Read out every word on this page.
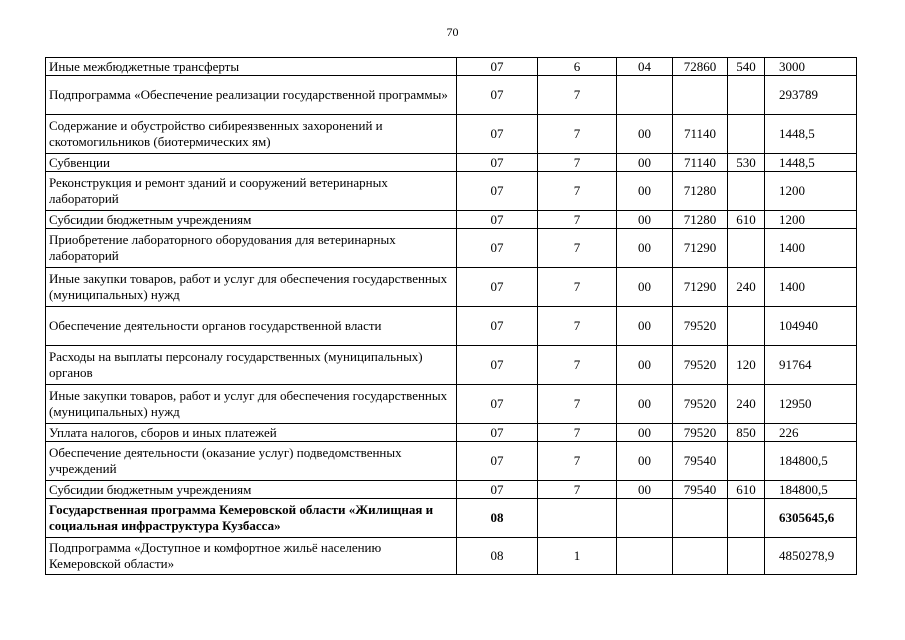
70
Иные межбюджетные трансферты	07	6	04	72860	540	3000
Подпрограмма «Обеспечение реализации государственной программы»	07	7				293789
Содержание и обустройство сибиреязвенных захоронений и скотомогильников (биотермических ям)	07	7	00	71140		1448,5
Субвенции	07	7	00	71140	530	1448,5
Реконструкция и ремонт зданий и сооружений ветеринарных лабораторий	07	7	00	71280		1200
Субсидии бюджетным учреждениям	07	7	00	71280	610	1200
Приобретение лабораторного оборудования для ветеринарных лабораторий	07	7	00	71290		1400
Иные закупки товаров, работ и услуг для обеспечения государственных (муниципальных) нужд	07	7	00	71290	240	1400
Обеспечение деятельности органов государственной власти	07	7	00	79520		104940
Расходы на выплаты персоналу государственных (муниципальных) органов	07	7	00	79520	120	91764
Иные закупки товаров, работ и услуг для обеспечения государственных (муниципальных) нужд	07	7	00	79520	240	12950
Уплата налогов, сборов и иных платежей	07	7	00	79520	850	226
Обеспечение деятельности (оказание услуг) подведомственных учреждений	07	7	00	79540		184800,5
Субсидии бюджетным учреждениям	07	7	00	79540	610	184800,5
Государственная программа Кемеровской области «Жилищная и социальная инфраструктура Кузбасса»	08					6305645,6
Подпрограмма «Доступное и комфортное жильё населению Кемеровской области»	08	1				4850278,9
